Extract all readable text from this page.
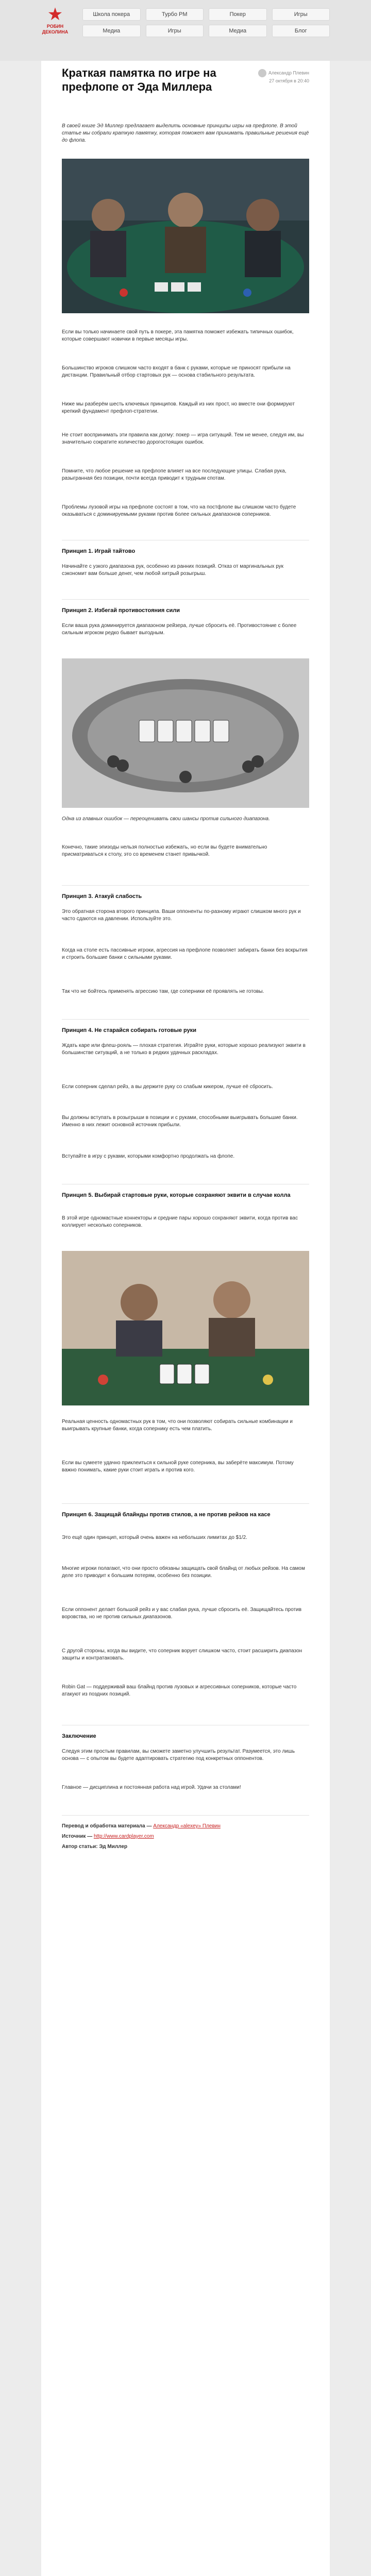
★
РОБИН ДЕКОЛИНА
Школа покера	Турбо PM	Покер	Игры
Медиа	Игры	Медиа	Блог
Краткая памятка по игре на префлопе от Эда Миллера
Александр Плевин
27 октября в 20:40

В своей книге Эд Миллер предлагает выделить основные принципы игры на префлопе. В этой статье мы собрали краткую памятку, которая поможет вам принимать правильные решения ещё до флопа.

Если вы только начинаете свой путь в покере, эта памятка поможет избежать типичных ошибок, которые совершают новички в первые месяцы игры.

Большинство игроков слишком часто входят в банк с руками, которые не приносят прибыли на дистанции. Правильный отбор стартовых рук — основа стабильного результата.

Ниже мы разберём шесть ключевых принципов. Каждый из них прост, но вместе они формируют крепкий фундамент префлоп-стратегии.

Не стоит воспринимать эти правила как догму: покер — игра ситуаций. Тем не менее, следуя им, вы значительно сократите количество дорогостоящих ошибок.

Помните, что любое решение на префлопе влияет на все последующие улицы. Слабая рука, разыгранная без позиции, почти всегда приводит к трудным спотам.

Проблемы лузовой игры на префлопе состоят в том, что на постфлопе вы слишком часто будете оказываться с доминируемыми руками против более сильных диапазонов соперников.

Принцип 1. Играй тайтово

Начинайте с узкого диапазона рук, особенно из ранних позиций. Отказ от маргинальных рук сэкономит вам больше денег, чем любой хитрый розыгрыш.

Принцип 2. Избегай противостояния сили

Если ваша рука доминируется диапазоном рейзера, лучше сбросить её. Противостояние с более сильным игроком редко бывает выгодным.

Одна из главных ошибок — переоценивать свои шансы против сильного диапазона.

Конечно, такие эпизоды нельзя полностью избежать, но если вы будете внимательно присматриваться к столу, это со временем станет привычкой.

Принцип 3. Атакуй слабость

Это обратная сторона второго принципа. Ваши оппоненты по-разному играют слишком много рук и часто сдаются на давлении. Используйте это.

Когда на столе есть пассивные игроки, агрессия на префлопе позволяет забирать банки без вскрытия и строить большие банки с сильными руками.

Так что не бойтесь применять агрессию там, где соперники её проявлять не готовы.

Принцип 4. Не старайся собирать готовые руки

Ждать каре или флеш-рояль — плохая стратегия. Играйте руки, которые хорошо реализуют эквити в большинстве ситуаций, а не только в редких удачных раскладах.

Если соперник сделал рейз, а вы держите руку со слабым кикером, лучше её сбросить.

Вы должны вступать в розыгрыши в позиции и с руками, способными выигрывать большие банки. Именно в них лежит основной источник прибыли.

Вступайте в игру с руками, которыми комфортно продолжать на флопе.

Принцип 5. Выбирай стартовые руки, которые сохраняют эквити в случае колла

В этой игре одномастные коннекторы и средние пары хорошо сохраняют эквити, когда против вас коллирует несколько соперников.

Реальная ценность одномастных рук в том, что они позволяют собирать сильные комбинации и выигрывать крупные банки, когда сопернику есть чем платить.

Если вы сумеете удачно приклеиться к сильной руке соперника, вы заберёте максимум. Потому важно понимать, какие руки стоит играть и против кого.

Принцип 6. Защищай блайнды против стилов, а не против рейзов на касе

Это ещё один принцип, который очень важен на небольших лимитах до $1/2.

Многие игроки полагают, что они просто обязаны защищать свой блайнд от любых рейзов. На самом деле это приводит к большим потерям, особенно без позиции.

Если оппонент делает большой рейз и у вас слабая рука, лучше сбросить её. Защищайтесь против воровства, но не против сильных диапазонов.

С другой стороны, когда вы видите, что соперник ворует слишком часто, стоит расширить диапазон защиты и контратаковать.

Robin Gat — поддерживай ваш блайнд против лузовых и агрессивных соперников, которые часто атакуют из поздних позиций.

Заключение

Следуя этим простым правилам, вы сможете заметно улучшить результат. Разумеется, это лишь основа — с опытом вы будете адаптировать стратегию под конкретных оппонентов.

Главное — дисциплина и постоянная работа над игрой. Удачи за столами!

Перевод и обработка материала — Александр «alexey» Плевин

Источник — http://www.cardplayer.com

Автор статьи: Эд Миллер
